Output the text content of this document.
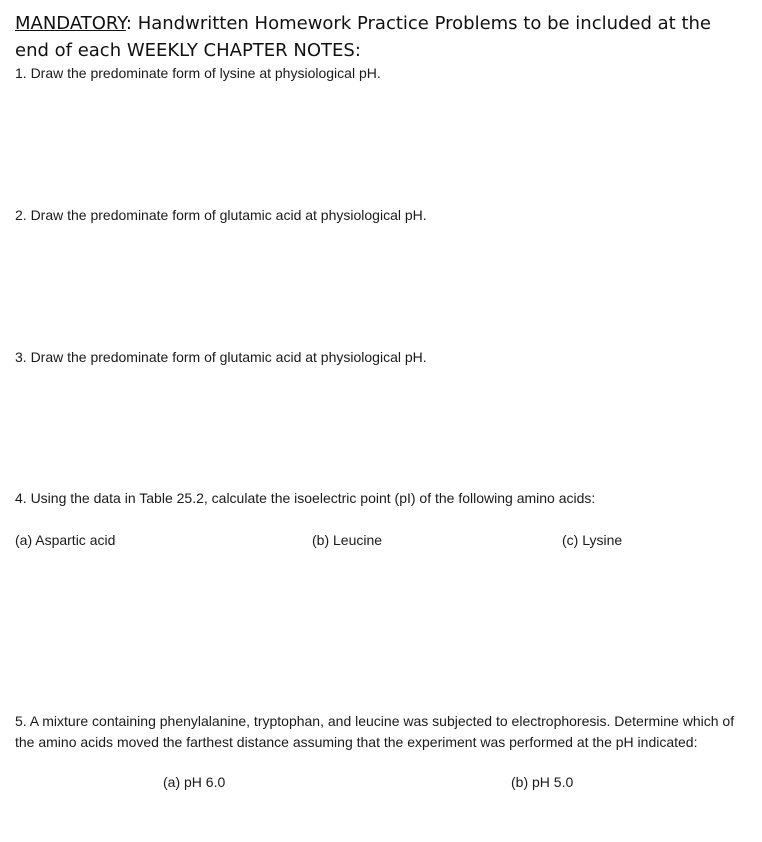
MANDATORY: Handwritten Homework Practice Problems to be included at the end of each WEEKLY CHAPTER NOTES:
1. Draw the predominate form of lysine at physiological pH.
2. Draw the predominate form of glutamic acid at physiological pH.
3. Draw the predominate form of glutamic acid at physiological pH.
4. Using the data in Table 25.2, calculate the isoelectric point (pI) of the following amino acids:
(a) Aspartic acid	(b) Leucine	(c) Lysine
5. A mixture containing phenylalanine, tryptophan, and leucine was subjected to electrophoresis. Determine which of the amino acids moved the farthest distance assuming that the experiment was performed at the pH indicated:
(a) pH 6.0	(b) pH 5.0
